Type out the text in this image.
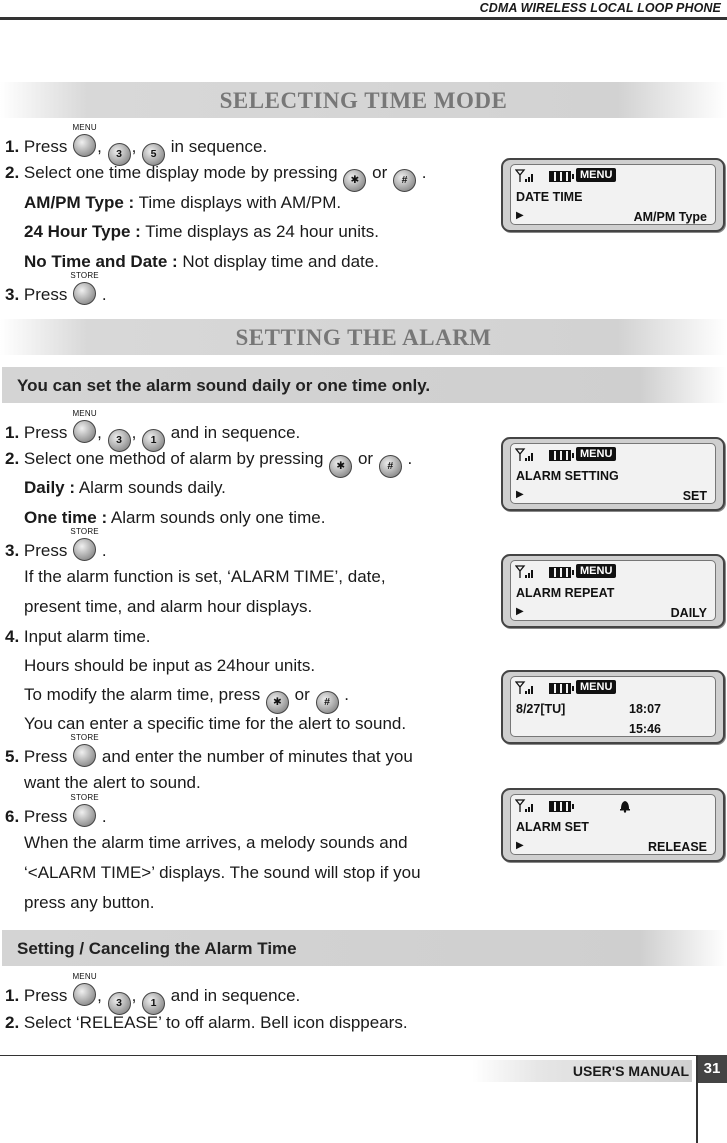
CDMA WIRELESS LOCAL LOOP PHONE
SELECTING TIME MODE
1. Press
MENU
, 3 , 5 in sequence.
2. Select one time display mode by pressing ✱ or # .
AM/PM Type : Time displays with AM/PM.
24 Hour Type : Time displays as 24 hour units.
No Time and Date : Not display time and date.
3. Press
STORE
.
MENU
DATE TIME
▶	AM/PM Type
SETTING THE ALARM
You can set the alarm sound daily or one time only.
1. Press
MENU
, 3 , 1 and in sequence.
2. Select one method of alarm by pressing ✱ or # .
Daily : Alarm sounds daily.
One time : Alarm sounds only one time.
3. Press
STORE
.
If the alarm function is set, ‘ALARM TIME’, date,
present time, and alarm hour displays.
4. Input alarm time.
Hours should be input as 24hour units.
To modify the alarm time, press ✱ or # .
You can enter a specific time for the alert to sound.
5. Press
STORE
and enter the number of minutes that you
want the alert to sound.
6. Press
STORE
.
When the alarm time arrives, a melody sounds and
‘<ALARM TIME>’ displays. The sound will stop if you
press any button.
MENU
ALARM SETTING
▶	SET
MENU
ALARM REPEAT
▶	DAILY
MENU
8/27[TU]	18:07
15:46
ALARM SET
▶	RELEASE
Setting / Canceling the Alarm Time
1. Press
MENU
, 3 , 1 and in sequence.
2. Select ‘RELEASE’ to off alarm. Bell icon disppears.
USER'S MANUAL 31
